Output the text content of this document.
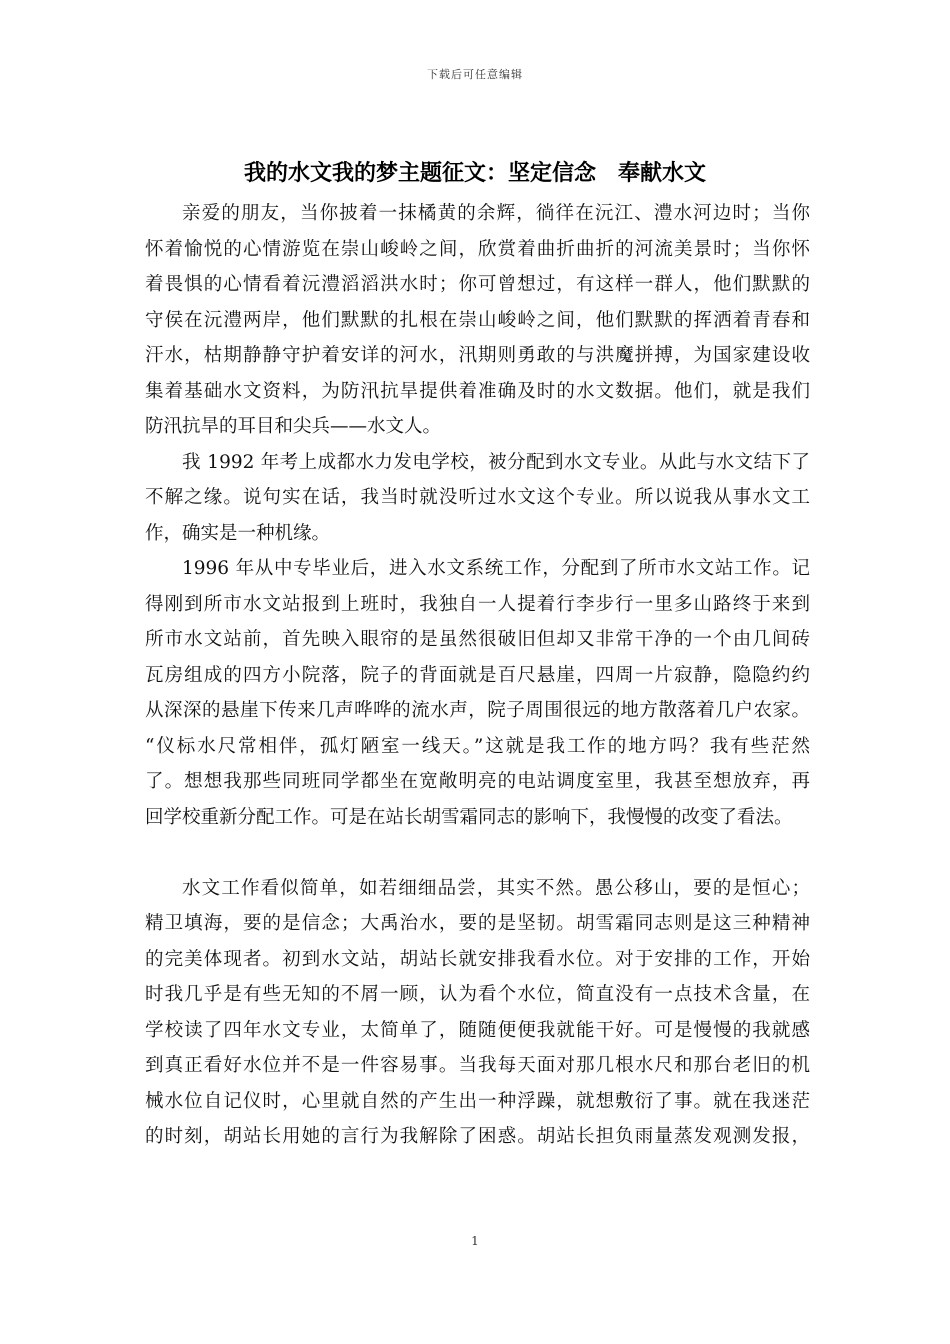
下载后可任意编辑
我的水文我的梦主题征文：坚定信念　奉献水文
亲爱的朋友，当你披着一抹橘黄的余辉，徜徉在沅江、澧水河边时；当你
怀着愉悦的心情游览在崇山峻岭之间，欣赏着曲折曲折的河流美景时；当你怀
着畏惧的心情看着沅澧滔滔洪水时；你可曾想过，有这样一群人，他们默默的
守侯在沅澧两岸，他们默默的扎根在崇山峻岭之间，他们默默的挥洒着青春和
汗水，枯期静静守护着安详的河水，汛期则勇敢的与洪魔拼搏，为国家建设收
集着基础水文资料，为防汛抗旱提供着准确及时的水文数据。他们，就是我们
防汛抗旱的耳目和尖兵——水文人。
我 1992 年考上成都水力发电学校，被分配到水文专业。从此与水文结下了
不解之缘。说句实在话，我当时就没听过水文这个专业。所以说我从事水文工
作，确实是一种机缘。
1996 年从中专毕业后，进入水文系统工作，分配到了所市水文站工作。记
得刚到所市水文站报到上班时，我独自一人提着行李步行一里多山路终于来到
所市水文站前，首先映入眼帘的是虽然很破旧但却又非常干净的一个由几间砖
瓦房组成的四方小院落，院子的背面就是百尺悬崖，四周一片寂静，隐隐约约
从深深的悬崖下传来几声哗哗的流水声，院子周围很远的地方散落着几户农家。
“仪标水尺常相伴，孤灯陋室一线天。”这就是我工作的地方吗？我有些茫然
了。想想我那些同班同学都坐在宽敞明亮的电站调度室里，我甚至想放弃，再
回学校重新分配工作。可是在站长胡雪霜同志的影响下，我慢慢的改变了看法。
水文工作看似简单，如若细细品尝，其实不然。愚公移山，要的是恒心；
精卫填海，要的是信念；大禹治水，要的是坚韧。胡雪霜同志则是这三种精神
的完美体现者。初到水文站，胡站长就安排我看水位。对于安排的工作，开始
时我几乎是有些无知的不屑一顾，认为看个水位，简直没有一点技术含量，在
学校读了四年水文专业，太简单了，随随便便我就能干好。可是慢慢的我就感
到真正看好水位并不是一件容易事。当我每天面对那几根水尺和那台老旧的机
械水位自记仪时，心里就自然的产生出一种浮躁，就想敷衍了事。就在我迷茫
的时刻，胡站长用她的言行为我解除了困惑。胡站长担负雨量蒸发观测发报，
1
